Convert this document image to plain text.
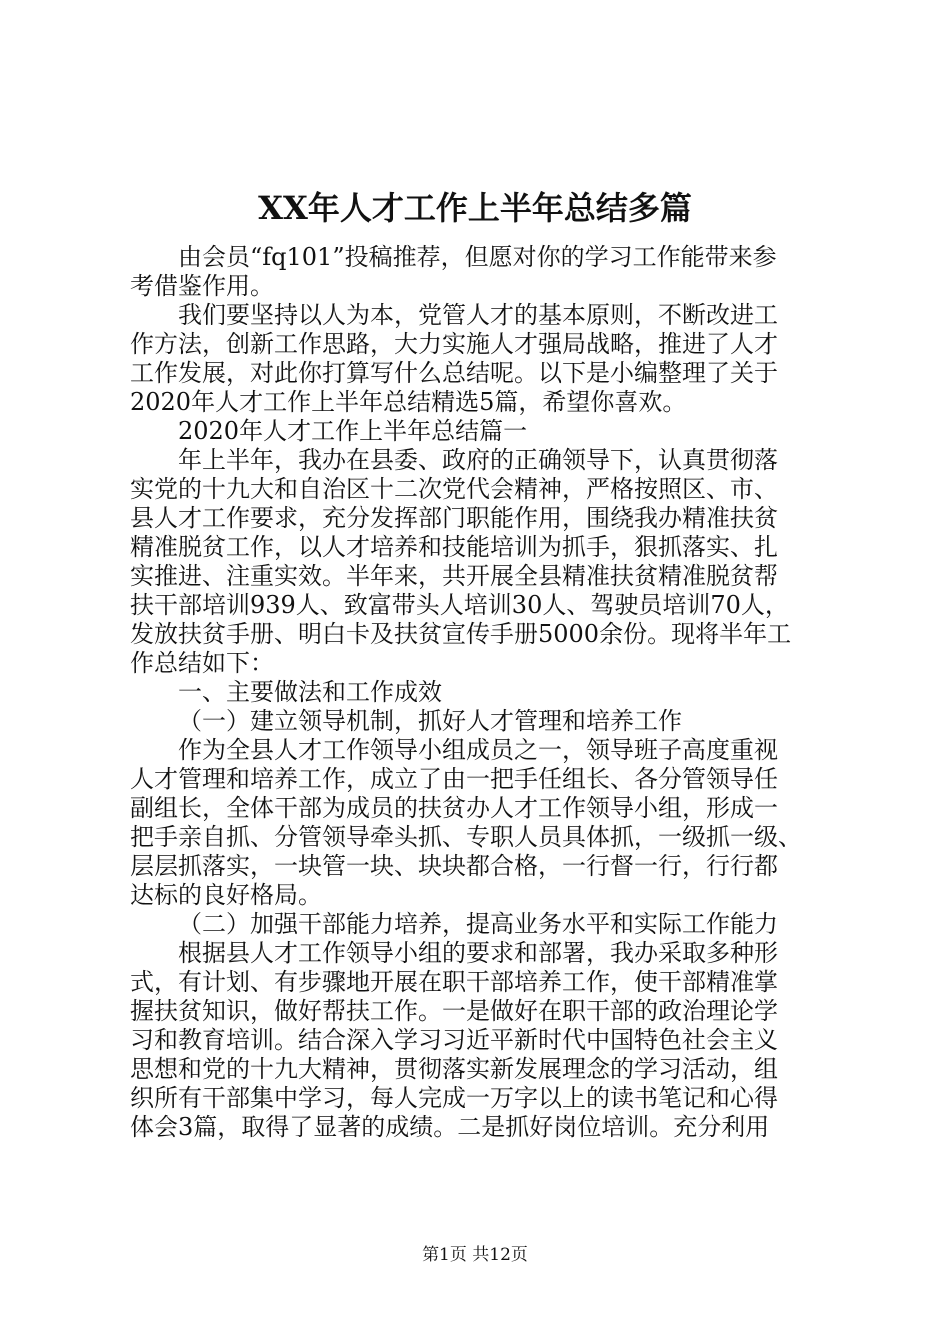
XX年人才工作上半年总结多篇
由会员“fq101”投稿推荐，但愿对你的学习工作能带来参
考借鉴作用。
我们要坚持以人为本，党管人才的基本原则，不断改进工
作方法，创新工作思路，大力实施人才强局战略，推进了人才
工作发展，对此你打算写什么总结呢。以下是小编整理了关于
2020年人才工作上半年总结精选5篇，希望你喜欢。
2020年人才工作上半年总结篇一
年上半年，我办在县委、政府的正确领导下，认真贯彻落
实党的十九大和自治区十二次党代会精神，严格按照区、市、
县人才工作要求，充分发挥部门职能作用，围绕我办精准扶贫
精准脱贫工作，以人才培养和技能培训为抓手，狠抓落实、扎
实推进、注重实效。半年来，共开展全县精准扶贫精准脱贫帮
扶干部培训939人、致富带头人培训30人、驾驶员培训70人，
发放扶贫手册、明白卡及扶贫宣传手册5000余份。现将半年工
作总结如下：
一、主要做法和工作成效
（一）建立领导机制，抓好人才管理和培养工作
作为全县人才工作领导小组成员之一，领导班子高度重视
人才管理和培养工作，成立了由一把手任组长、各分管领导任
副组长，全体干部为成员的扶贫办人才工作领导小组，形成一
把手亲自抓、分管领导牵头抓、专职人员具体抓，一级抓一级、
层层抓落实，一块管一块、块块都合格，一行督一行，行行都
达标的良好格局。
（二）加强干部能力培养，提高业务水平和实际工作能力
根据县人才工作领导小组的要求和部署，我办采取多种形
式，有计划、有步骤地开展在职干部培养工作，使干部精准掌
握扶贫知识，做好帮扶工作。一是做好在职干部的政治理论学
习和教育培训。结合深入学习习近平新时代中国特色社会主义
思想和党的十九大精神，贯彻落实新发展理念的学习活动，组
织所有干部集中学习，每人完成一万字以上的读书笔记和心得
体会3篇，取得了显著的成绩。二是抓好岗位培训。充分利用
第1页 共12页
